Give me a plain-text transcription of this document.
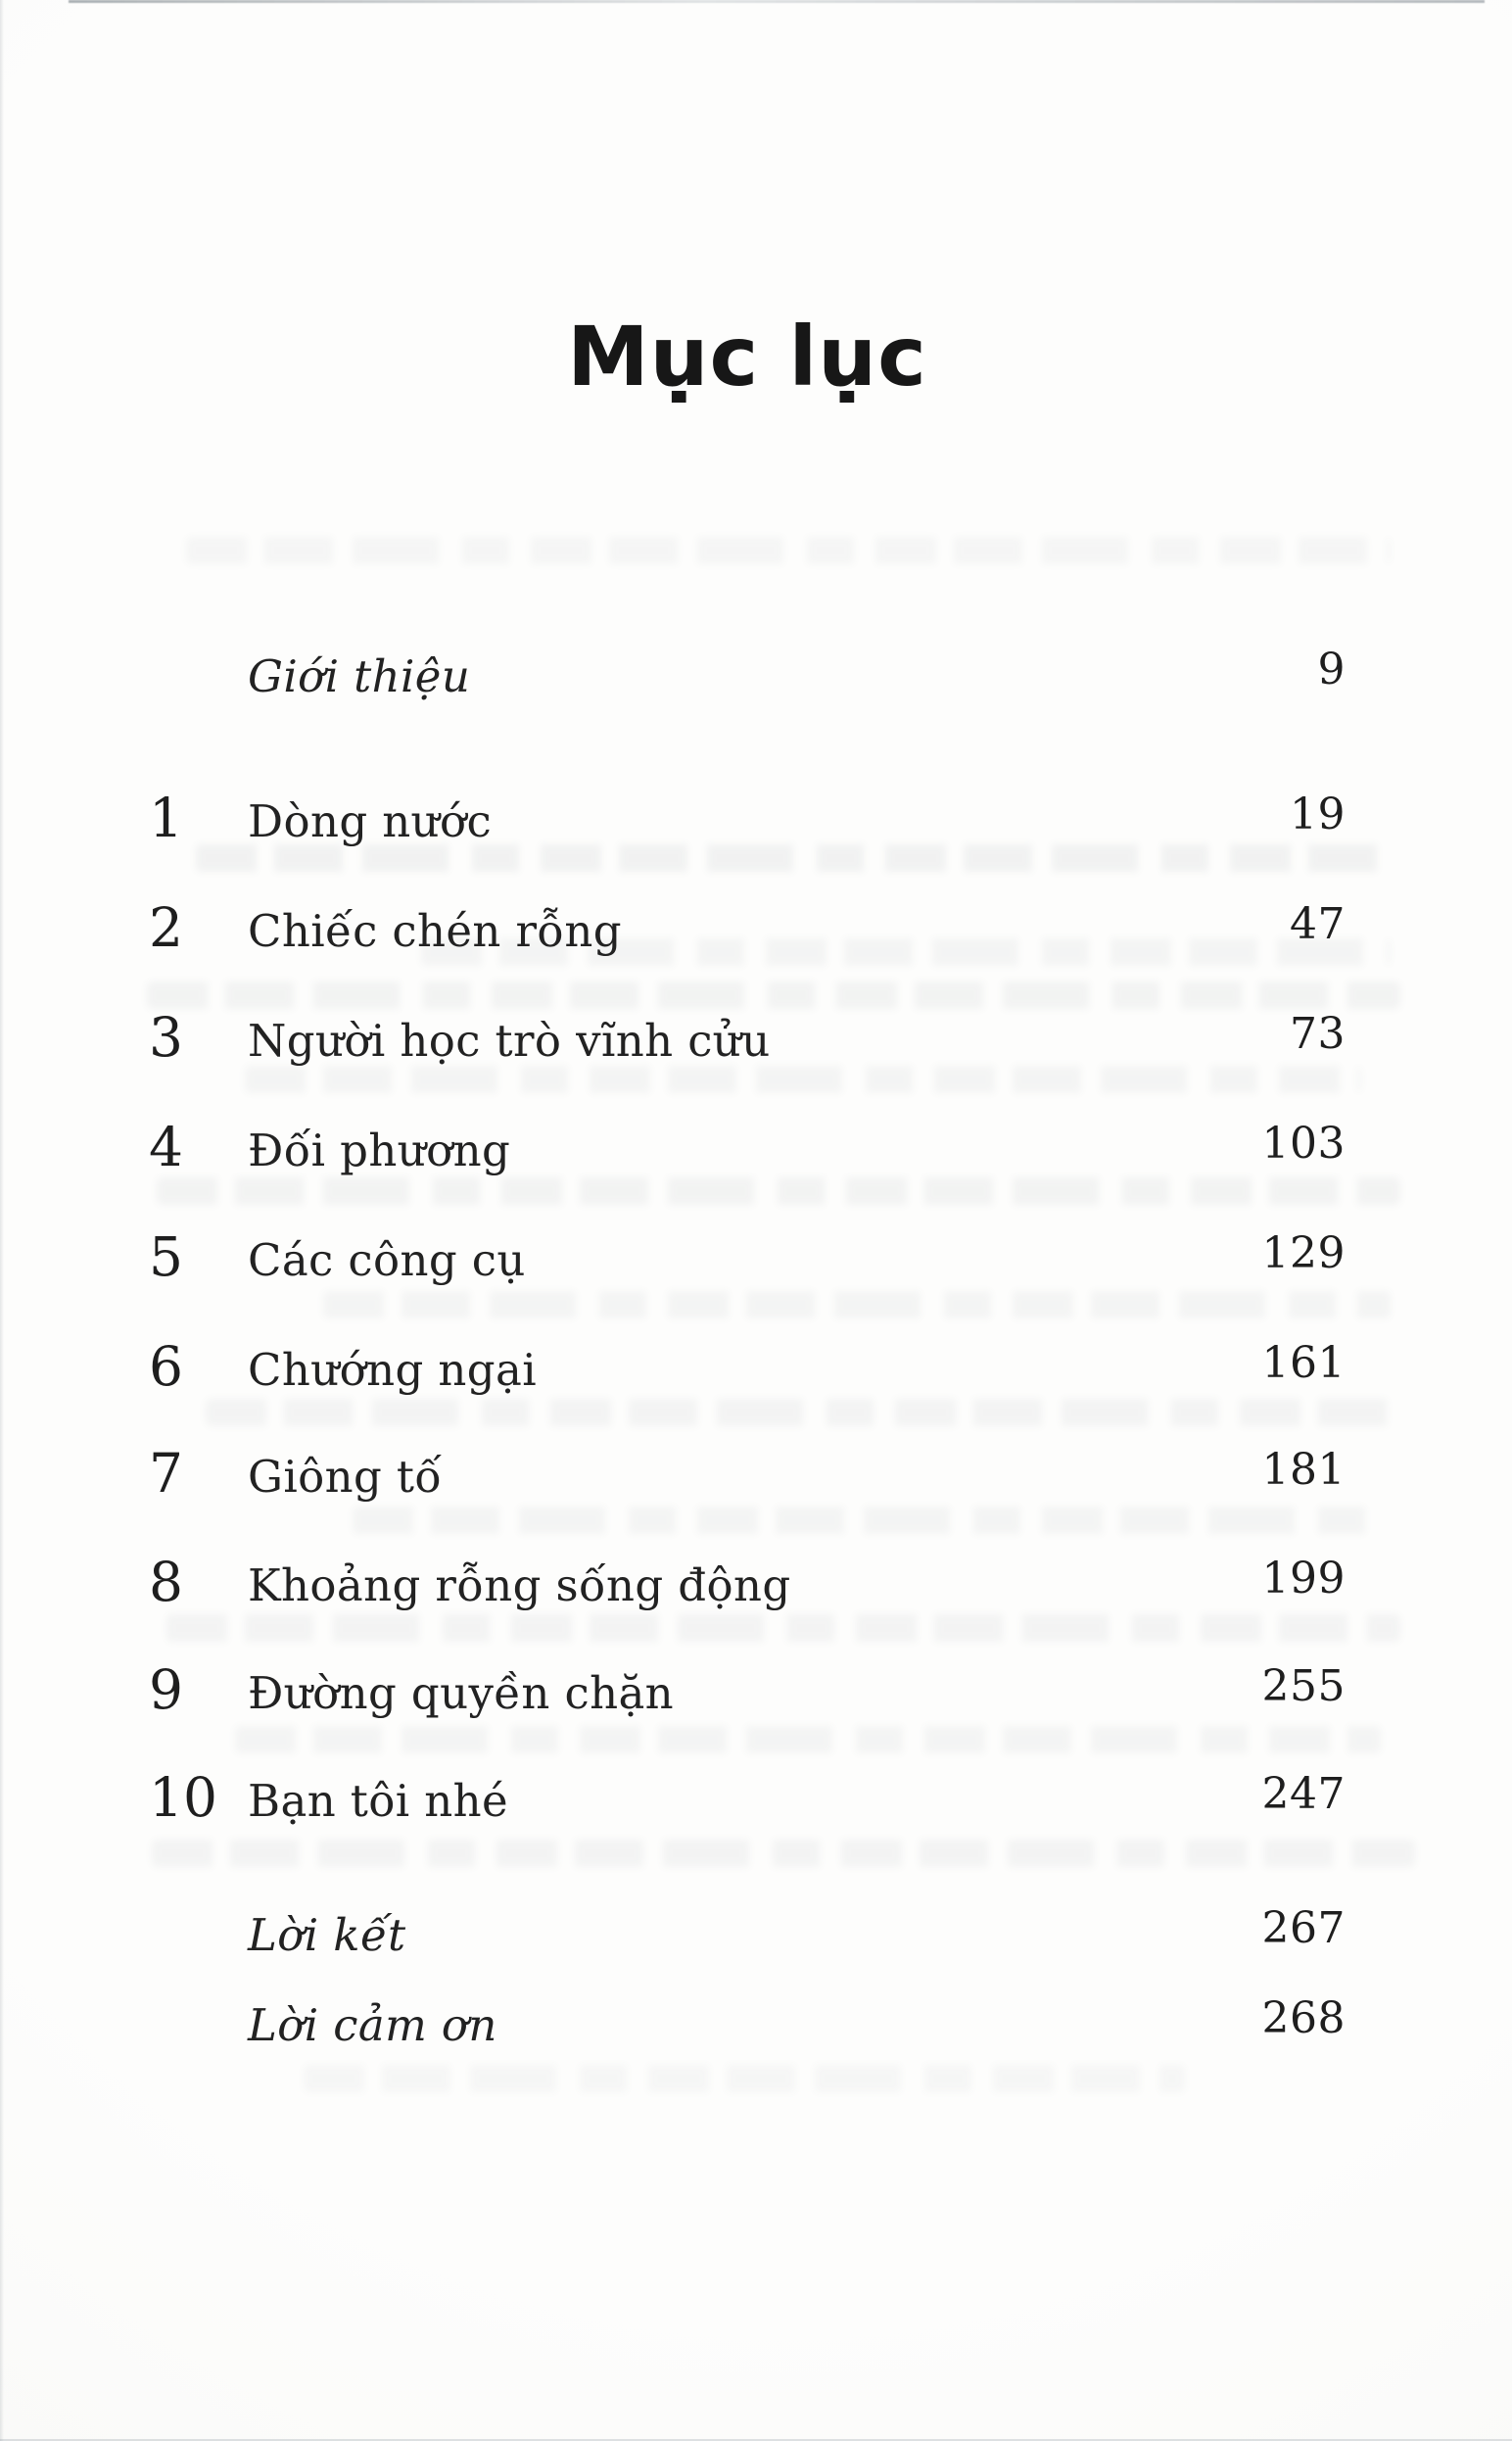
Mục lục
Giới thiệu	9
1	Dòng nước	19
2	Chiếc chén rỗng	47
3	Người học trò vĩnh cửu	73
4	Đối phương	103
5	Các công cụ	129
6	Chướng ngại	161
7	Giông tố	181
8	Khoảng rỗng sống động	199
9	Đường quyền chặn	255
10 Bạn tôi nhé	247
Lời kết	267
Lời cảm ơn	268
